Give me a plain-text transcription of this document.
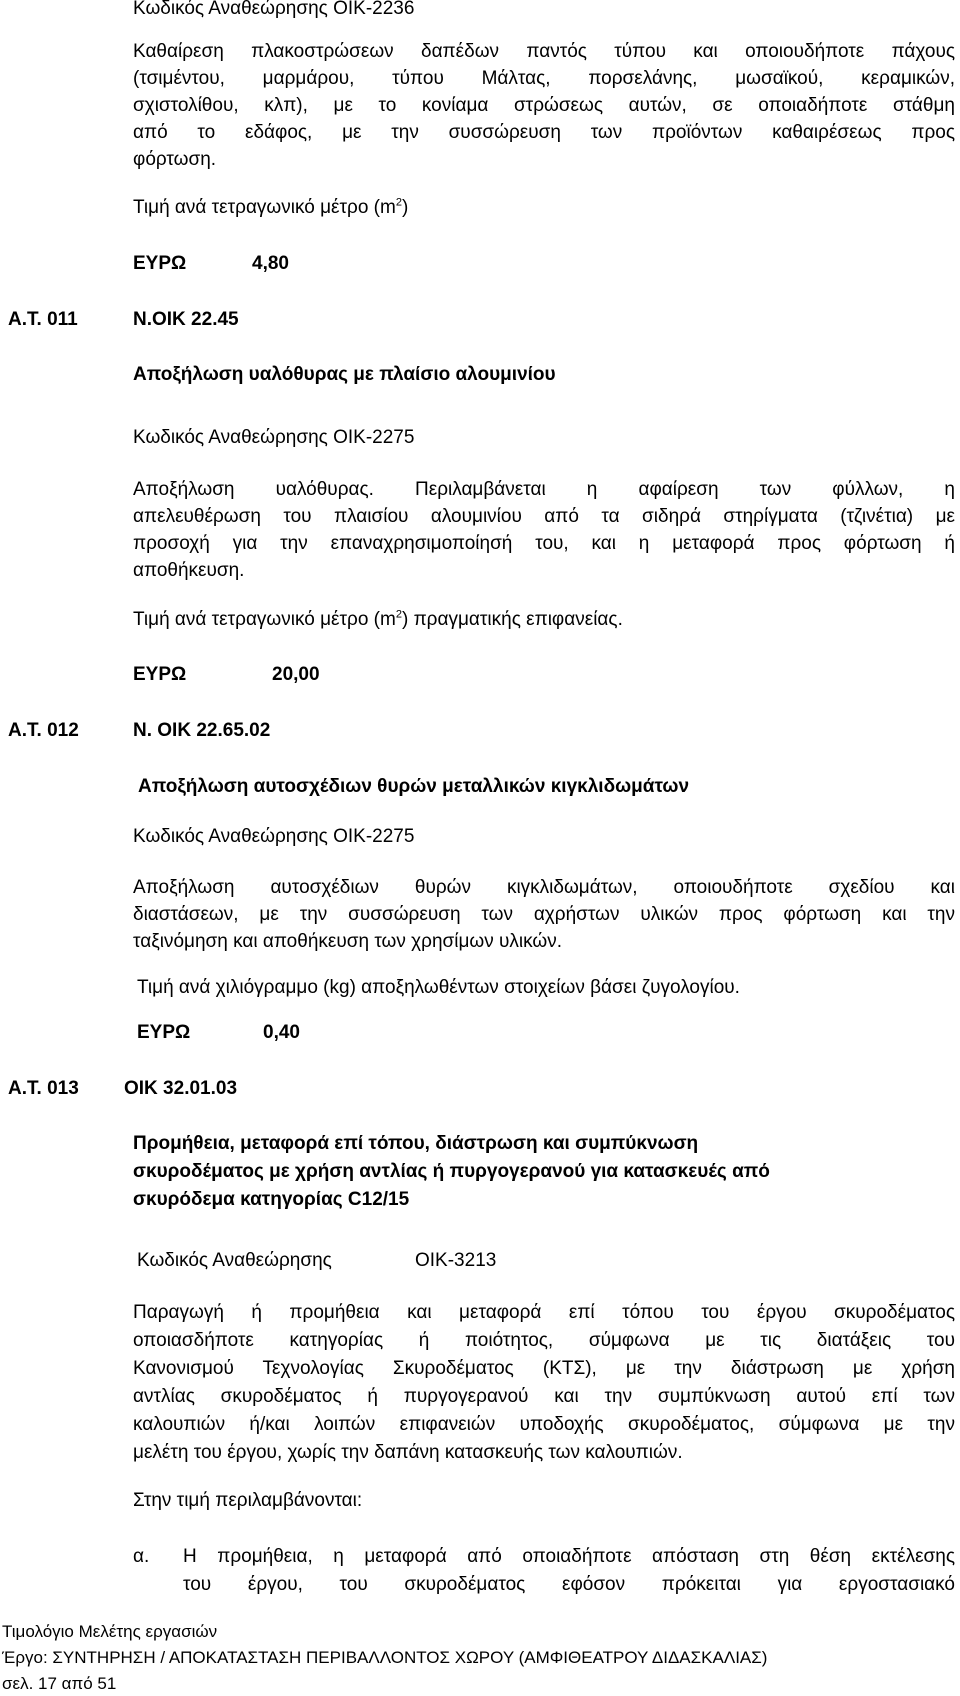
Κωδικός Αναθεώρησης ΟΙΚ-2236
Καθαίρεση πλακοστρώσεων δαπέδων παντός τύπου και οποιουδήποτε πάχους
(τσιμέντου, μαρμάρου, τύπου Μάλτας, πορσελάνης, μωσαϊκού, κεραμικών,
σχιστολίθου, κλπ), με το κονίαμα στρώσεως αυτών, σε οποιαδήποτε στάθμη
από το εδάφος, με την συσσώρευση των προϊόντων καθαιρέσεως προς
φόρτωση.
Τιμή ανά τετραγωνικό μέτρο $(m^2)$
ΕΥΡΩ	4,80
Α.Τ. 011	Ν.ΟΙΚ 22.45
Αποξήλωση υαλόθυρας με πλαίσιο αλουμινίου
Κωδικός Αναθεώρησης ΟΙΚ-2275
Αποξήλωση υαλόθυρας. Περιλαμβάνεται η αφαίρεση των φύλλων, η
απελευθέρωση του πλαισίου αλουμινίου από τα σιδηρά στηρίγματα (τζινέτια) με
προσοχή για την επαναχρησιμοποίησή του, και η μεταφορά προς φόρτωση ή
αποθήκευση.
Τιμή ανά τετραγωνικό μέτρο $(m^2)$ πραγματικής επιφανείας.
ΕΥΡΩ	20,00
Α.Τ. 012	Ν. ΟΙΚ 22.65.02
Αποξήλωση αυτοσχέδιων θυρών μεταλλικών κιγκλιδωμάτων
Κωδικός Αναθεώρησης ΟΙΚ-2275
Αποξήλωση αυτοσχέδιων θυρών κιγκλιδωμάτων, οποιουδήποτε σχεδίου και
διαστάσεων, με την συσσώρευση των αχρήστων υλικών προς φόρτωση και την
ταξινόμηση και αποθήκευση των χρησίμων υλικών.
Τιμή ανά χιλιόγραμμο (kg) αποξηλωθέντων στοιχείων βάσει ζυγολογίου.
ΕΥΡΩ	0,40
Α.Τ. 013 ΟΙΚ 32.01.03
Προμήθεια, μεταφορά επί τόπου, διάστρωση και συμπύκνωση
σκυροδέματος με χρήση αντλίας ή πυργογερανού για κατασκευές από
σκυρόδεμα κατηγορίας C12/15
Κωδικός Αναθεώρησης	ΟΙΚ-3213
Παραγωγή ή προμήθεια και μεταφορά επί τόπου του έργου σκυροδέματος
οποιασδήποτε κατηγορίας ή ποιότητος, σύμφωνα με τις διατάξεις του
Κανονισμού Τεχνολογίας Σκυροδέματος (ΚΤΣ), με την διάστρωση με χρήση
αντλίας σκυροδέματος ή πυργογερανού και την συμπύκνωση αυτού επί των
καλουπιών ή/και λοιπών επιφανειών υποδοχής σκυροδέματος, σύμφωνα με την
μελέτη του έργου, χωρίς την δαπάνη κατασκευής των καλουπιών.
Στην τιμή περιλαμβάνονται:
α. Η προμήθεια, η μεταφορά από οποιαδήποτε απόσταση στη θέση εκτέλεσης
του έργου, του σκυροδέματος εφόσον πρόκειται για εργοστασιακό
Τιμολόγιο Μελέτης εργασιών
Έργο: ΣΥΝΤΗΡΗΣΗ / ΑΠΟΚΑΤΑΣΤΑΣΗ ΠΕΡΙΒΑΛΛΟΝΤΟΣ ΧΩΡΟΥ (ΑΜΦΙΘΕΑΤΡΟΥ ΔΙΔΑΣΚΑΛΙΑΣ)
σελ. 17 από 51
